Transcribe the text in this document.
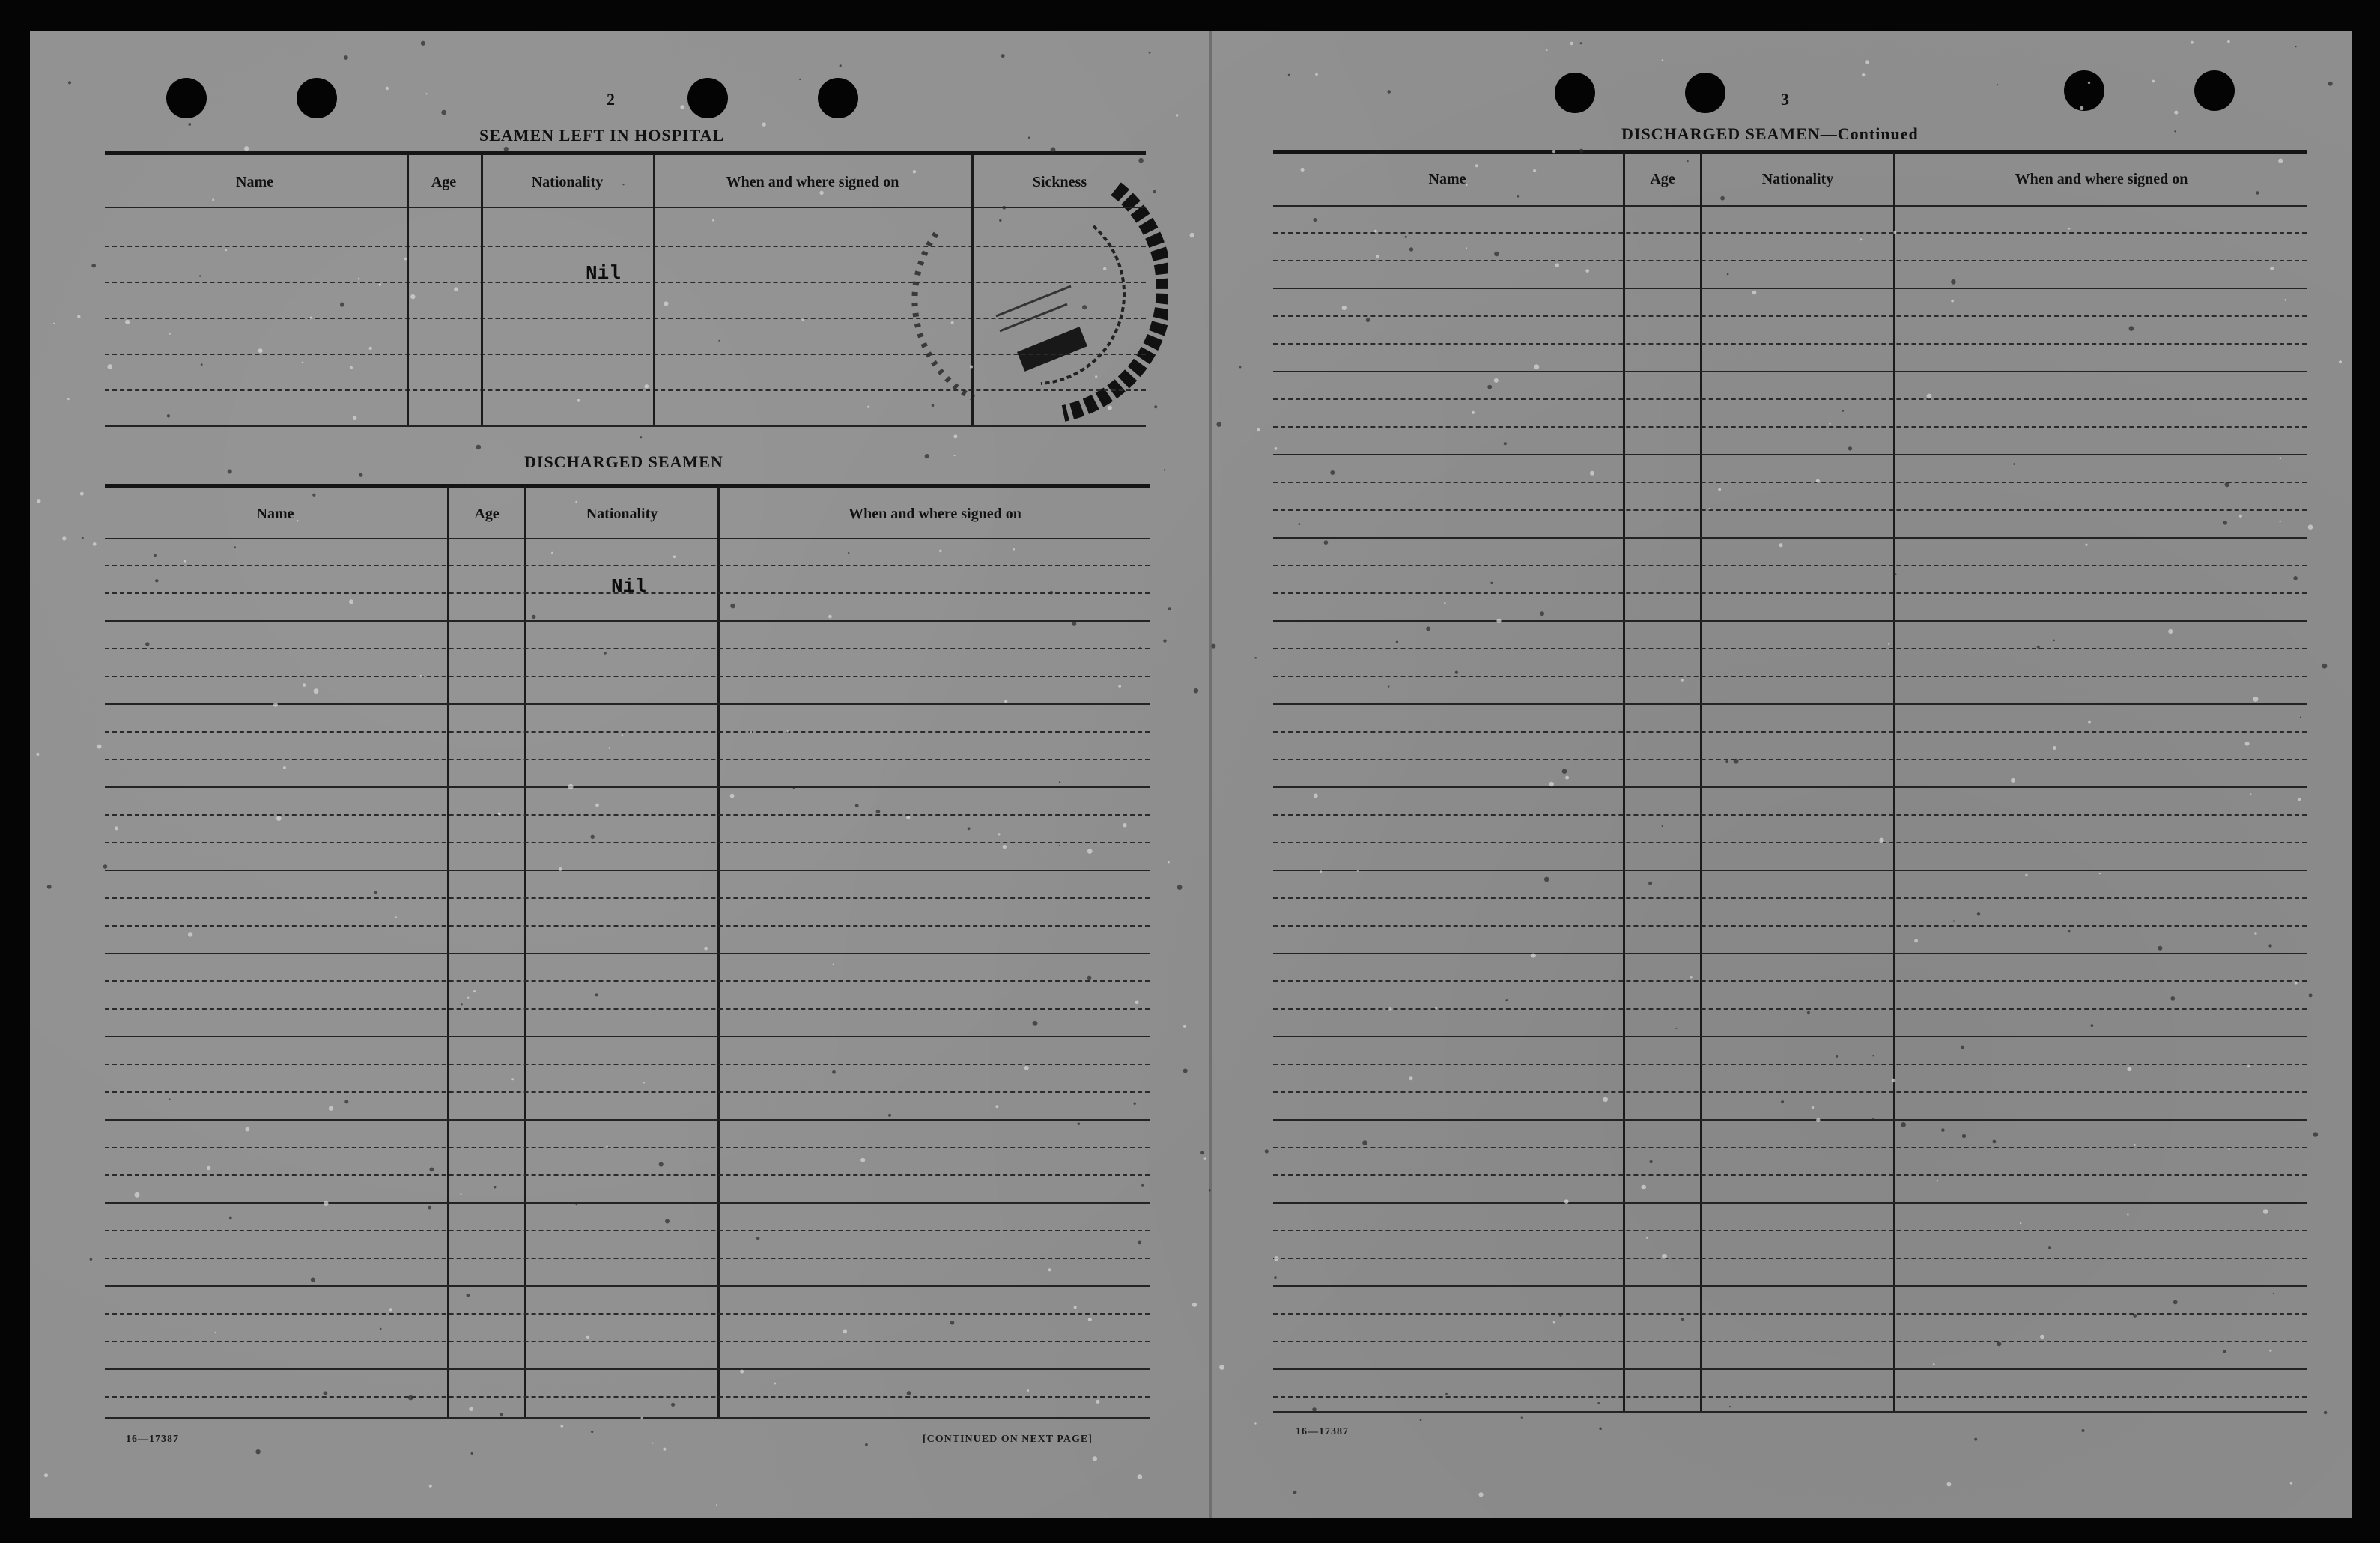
2
SEAMEN LEFT IN HOSPITAL
Name	Age	Nationality	When and where signed on	Sickness
Nil
DISCHARGED SEAMEN
Name	Age	Nationality	When and where signed on
Nil
16—17387	[CONTINUED ON NEXT PAGE]
3
DISCHARGED SEAMEN—Continued
Name	Age	Nationality	When and where signed on
16—17387
